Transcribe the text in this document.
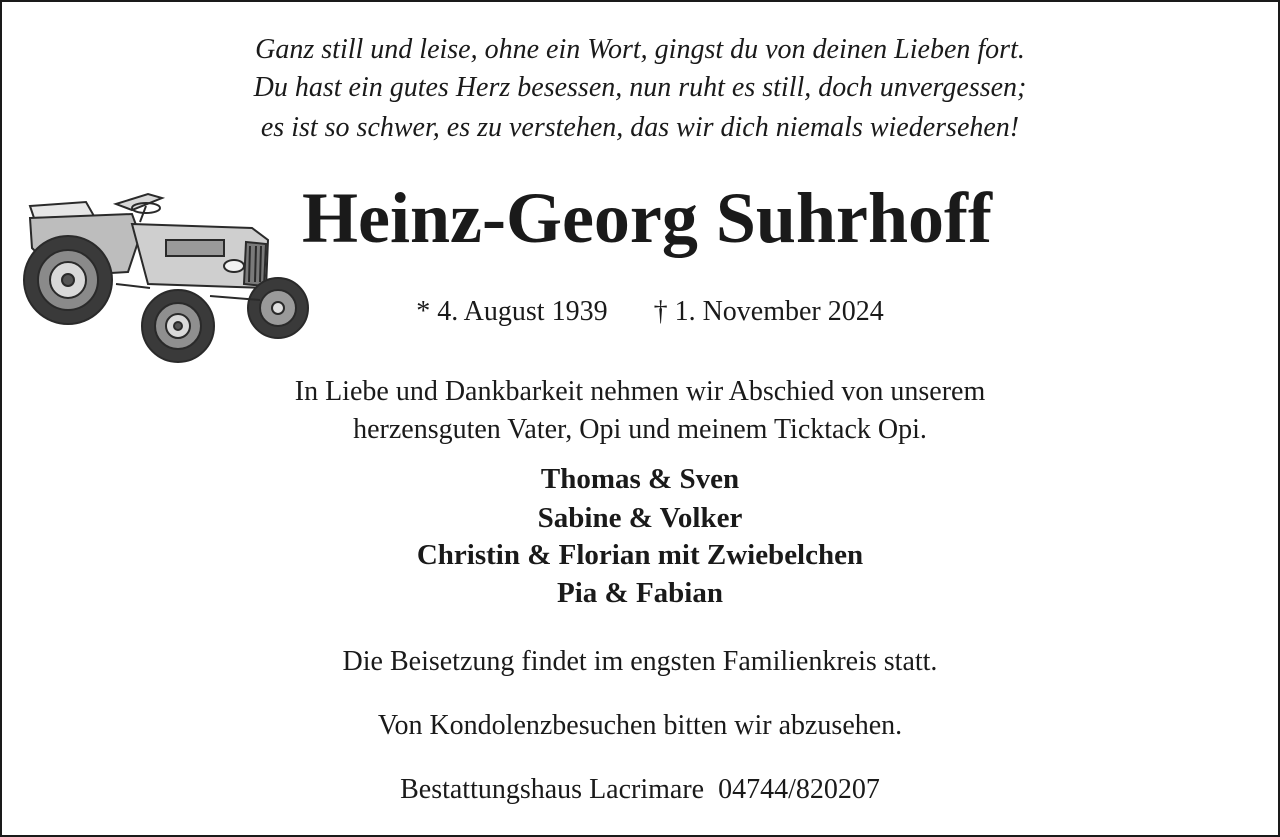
Ganz still und leise, ohne ein Wort, gingst du von deinen Lieben fort.
Du hast ein gutes Herz besessen, nun ruht es still, doch unvergessen;
es ist so schwer, es zu verstehen, das wir dich niemals wiedersehen!
Heinz-Georg Suhrhoff
* 4. August 1939 † 1. November 2024
In Liebe und Dankbarkeit nehmen wir Abschied von unserem
herzensguten Vater, Opi und meinem Ticktack Opi.
Thomas & Sven
Sabine & Volker
Christin & Florian mit Zwiebelchen
Pia & Fabian
Die Beisetzung findet im engsten Familienkreis statt.
Von Kondolenzbesuchen bitten wir abzusehen.
Bestattungshaus Lacrimare  04744/820207
